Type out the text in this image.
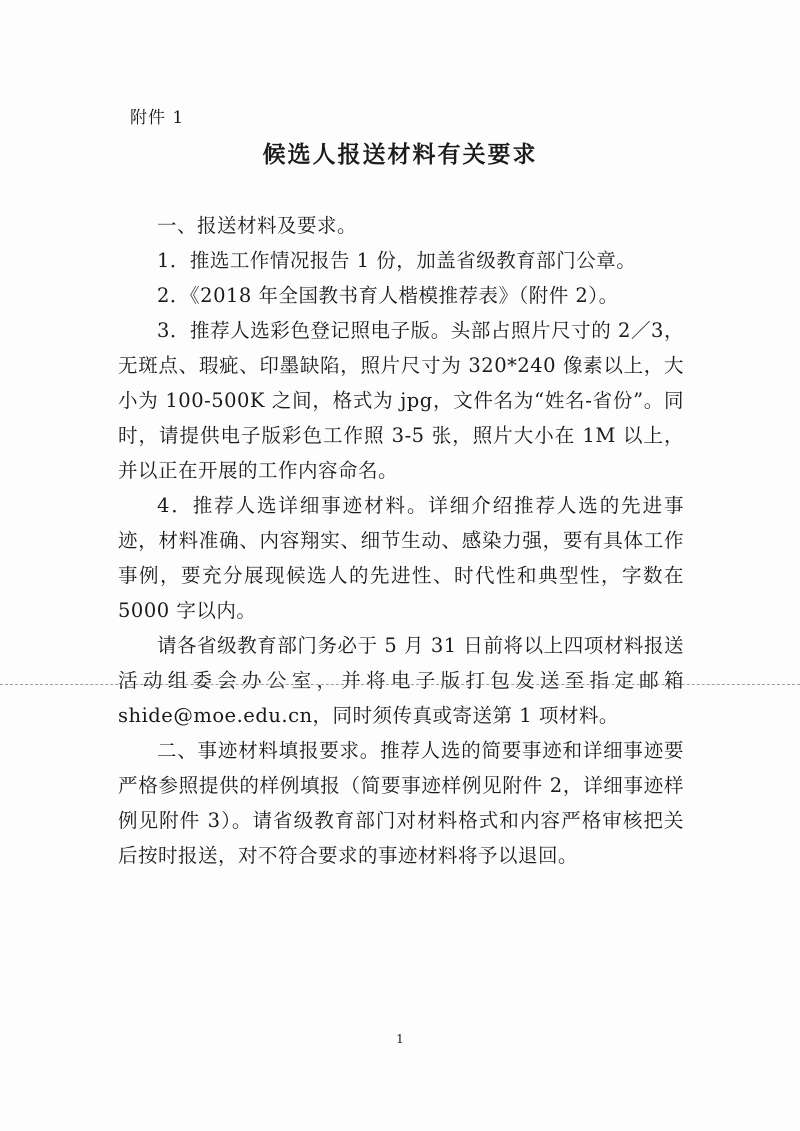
附件 1
候选人报送材料有关要求

一、报送材料及要求。

1．推选工作情况报告 1 份，加盖省级教育部门公章。

2．《2018 年全国教书育人楷模推荐表》（附件 2）。

3．推荐人选彩色登记照电子版。头部占照片尺寸的 2／3，无斑点、瑕疵、印墨缺陷，照片尺寸为 320*240 像素以上，大小为 100-500K 之间，格式为 jpg，文件名为“姓名-省份”。同时，请提供电子版彩色工作照 3-5 张，照片大小在 1M 以上，并以正在开展的工作内容命名。

4．推荐人选详细事迹材料。详细介绍推荐人选的先进事迹，材料准确、内容翔实、细节生动、感染力强，要有具体工作事例，要充分展现候选人的先进性、时代性和典型性，字数在 5000 字以内。

请各省级教育部门务必于 5 月 31 日前将以上四项材料报送活动组委会办公室，并将电子版打包发送至指定邮箱 shide@moe.edu.cn，同时须传真或寄送第 1 项材料。

二、事迹材料填报要求。推荐人选的简要事迹和详细事迹要严格参照提供的样例填报（简要事迹样例见附件 2，详细事迹样例见附件 3）。请省级教育部门对材料格式和内容严格审核把关后按时报送，对不符合要求的事迹材料将予以退回。

1
